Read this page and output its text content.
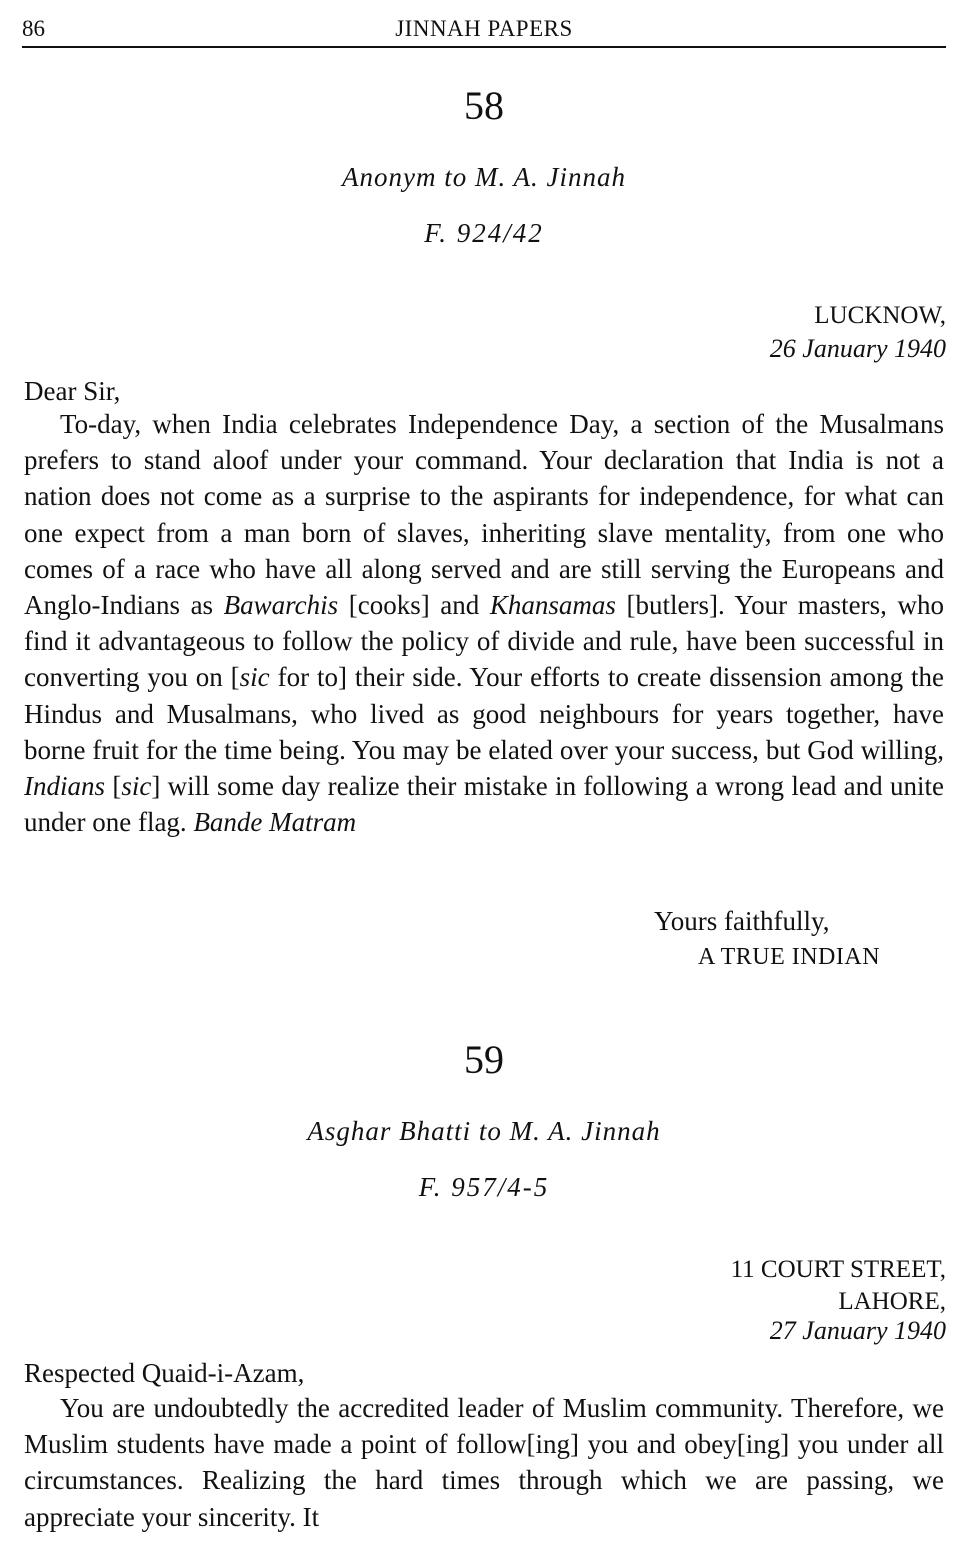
86	JINNAH PAPERS
58
Anonym to M. A. Jinnah
F. 924/42
LUCKNOW,
26 January 1940
Dear Sir,
To-day, when India celebrates Independence Day, a section of the Musalmans prefers to stand aloof under your command. Your declaration that India is not a nation does not come as a surprise to the aspirants for independence, for what can one expect from a man born of slaves, inheriting slave mentality, from one who comes of a race who have all along served and are still serving the Europeans and Anglo-Indians as Bawarchis [cooks] and Khansamas [butlers]. Your masters, who find it advantageous to follow the policy of divide and rule, have been successful in converting you on [sic for to] their side. Your efforts to create dissension among the Hindus and Musalmans, who lived as good neighbours for years together, have borne fruit for the time being. You may be elated over your success, but God willing, Indians [sic] will some day realize their mistake in following a wrong lead and unite under one flag. Bande Matram
Yours faithfully,
A TRUE INDIAN
59
Asghar Bhatti to M. A. Jinnah
F. 957/4-5
11 COURT STREET,
LAHORE,
27 January 1940
Respected Quaid-i-Azam,
You are undoubtedly the accredited leader of Muslim community. Therefore, we Muslim students have made a point of follow[ing] you and obey[ing] you under all circumstances. Realizing the hard times through which we are passing, we appreciate your sincerity. It
